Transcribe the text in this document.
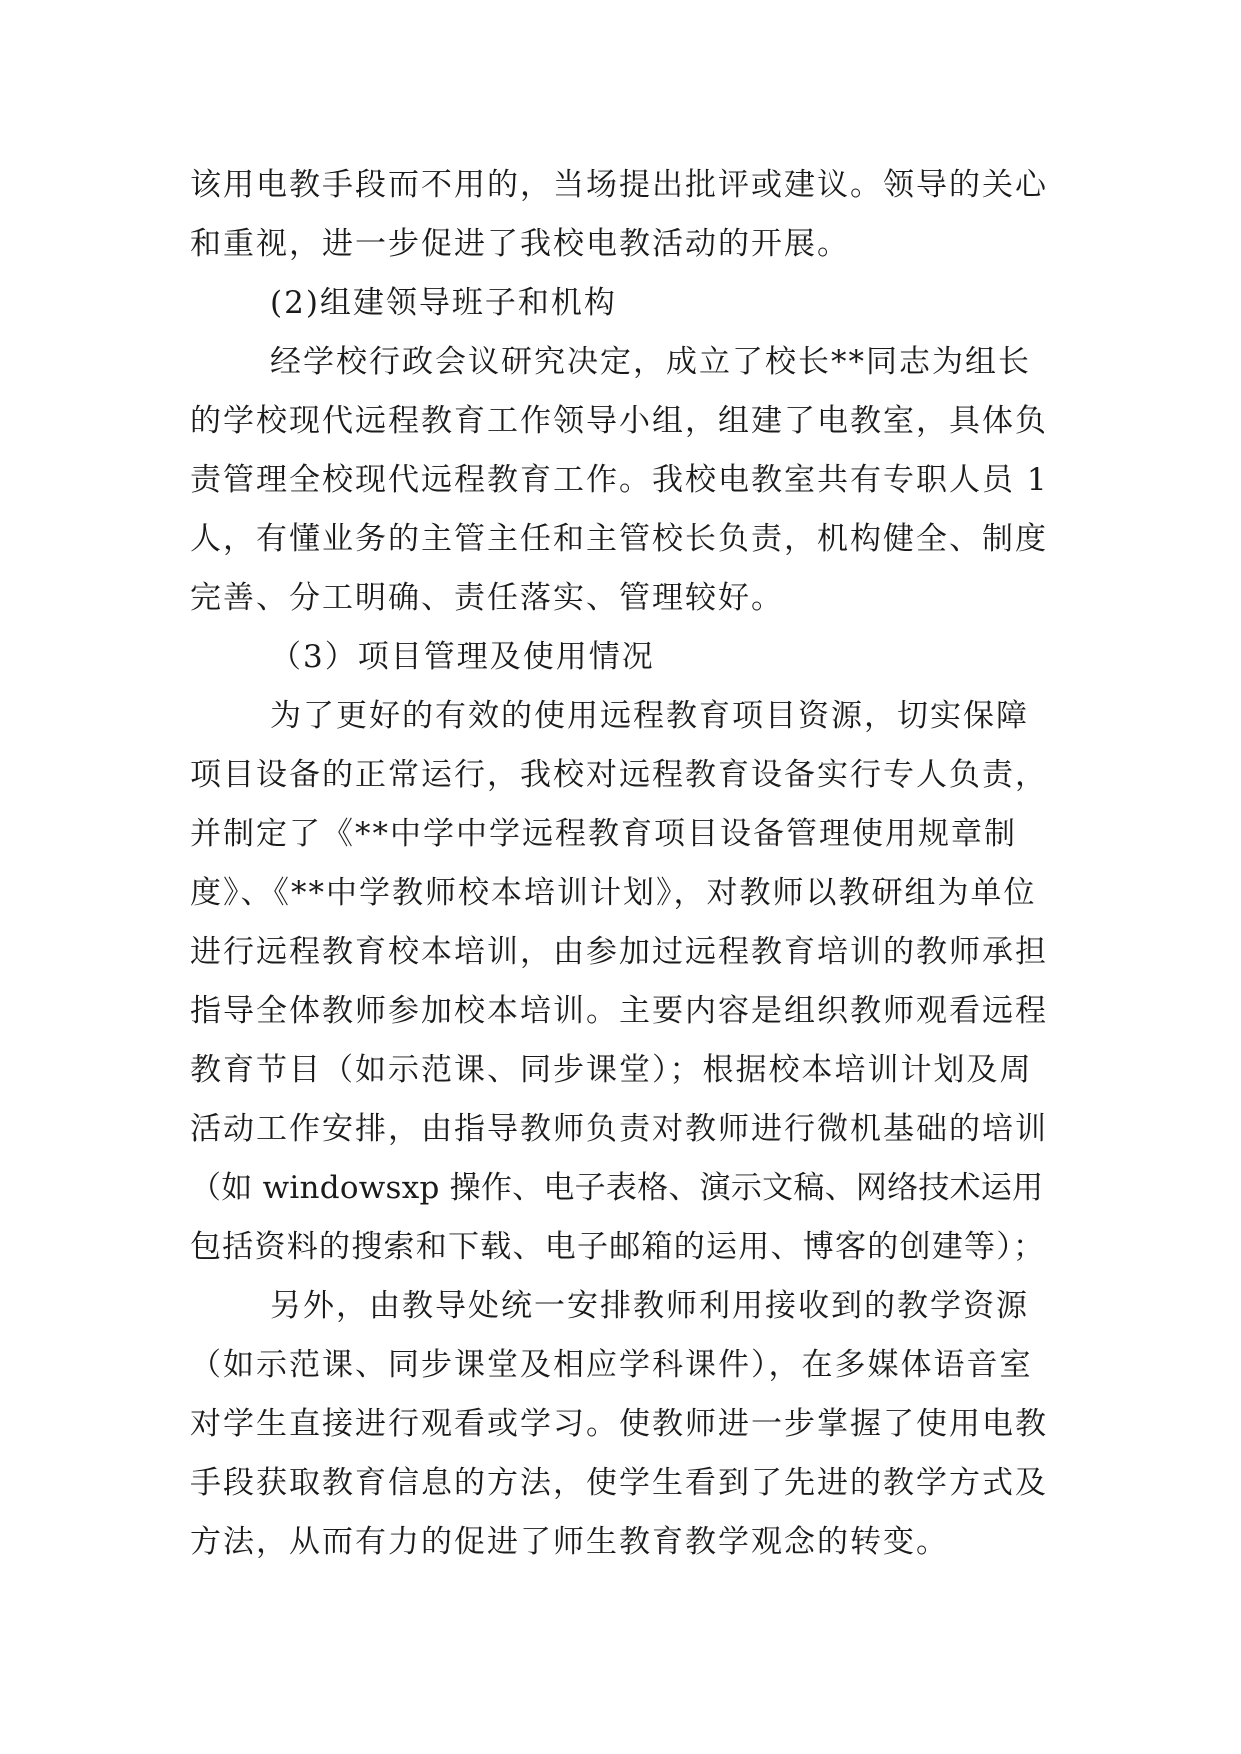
该用电教手段而不用的，当场提出批评或建议。领导的关心
和重视，进一步促进了我校电教活动的开展。
(2)组建领导班子和机构
经学校行政会议研究决定，成立了校长**同志为组长
的学校现代远程教育工作领导小组，组建了电教室，具体负
责管理全校现代远程教育工作。我校电教室共有专职人员 1
人，有懂业务的主管主任和主管校长负责，机构健全、制度
完善、分工明确、责任落实、管理较好。
（3）项目管理及使用情况
为了更好的有效的使用远程教育项目资源，切实保障
项目设备的正常运行，我校对远程教育设备实行专人负责，
并制定了《**中学中学远程教育项目设备管理使用规章制
度》、《**中学教师校本培训计划》，对教师以教研组为单位
进行远程教育校本培训，由参加过远程教育培训的教师承担
指导全体教师参加校本培训。主要内容是组织教师观看远程
教育节目（如示范课、同步课堂）；根据校本培训计划及周
活动工作安排，由指导教师负责对教师进行微机基础的培训
（如 windowsxp 操作、电子表格、演示文稿、网络技术运用
包括资料的搜索和下载、电子邮箱的运用、博客的创建等）；
另外，由教导处统一安排教师利用接收到的教学资源
（如示范课、同步课堂及相应学科课件），在多媒体语音室
对学生直接进行观看或学习。使教师进一步掌握了使用电教
手段获取教育信息的方法，使学生看到了先进的教学方式及
方法，从而有力的促进了师生教育教学观念的转变。
